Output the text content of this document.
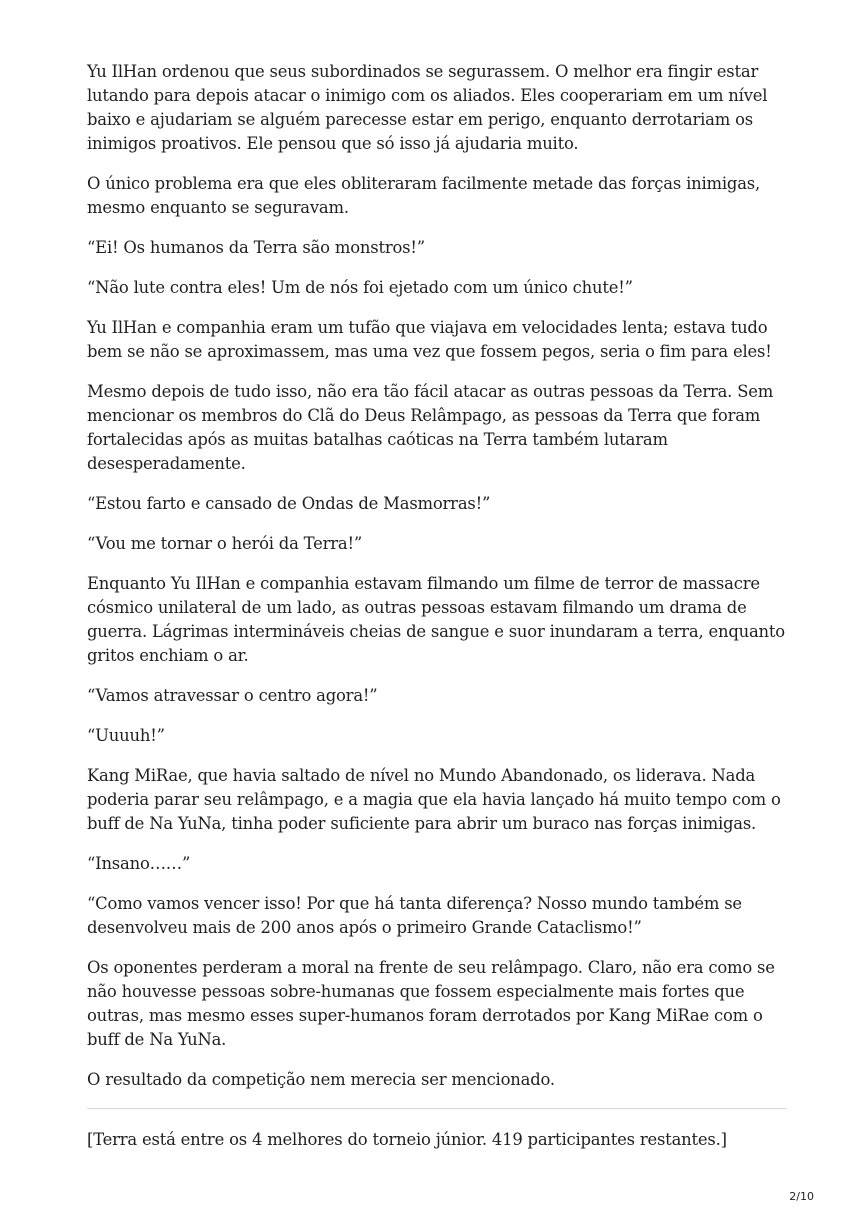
Yu IlHan ordenou que seus subordinados se segurassem. O melhor era fingir estar lutando para depois atacar o inimigo com os aliados. Eles cooperariam em um nível baixo e ajudariam se alguém parecesse estar em perigo, enquanto derrotariam os inimigos proativos. Ele pensou que só isso já ajudaria muito.

O único problema era que eles obliteraram facilmente metade das forças inimigas, mesmo enquanto se seguravam.

“Ei! Os humanos da Terra são monstros!”

“Não lute contra eles! Um de nós foi ejetado com um único chute!”

Yu IlHan e companhia eram um tufão que viajava em velocidades lenta; estava tudo bem se não se aproximassem, mas uma vez que fossem pegos, seria o fim para eles!

Mesmo depois de tudo isso, não era tão fácil atacar as outras pessoas da Terra. Sem mencionar os membros do Clã do Deus Relâmpago, as pessoas da Terra que foram fortalecidas após as muitas batalhas caóticas na Terra também lutaram desesperadamente.

“Estou farto e cansado de Ondas de Masmorras!”

“Vou me tornar o herói da Terra!”

Enquanto Yu IlHan e companhia estavam filmando um filme de terror de massacre cósmico unilateral de um lado, as outras pessoas estavam filmando um drama de guerra. Lágrimas intermináveis cheias de sangue e suor inundaram a terra, enquanto gritos enchiam o ar.

“Vamos atravessar o centro agora!”

“Uuuuh!”

Kang MiRae, que havia saltado de nível no Mundo Abandonado, os liderava. Nada poderia parar seu relâmpago, e a magia que ela havia lançado há muito tempo com o buff de Na YuNa, tinha poder suficiente para abrir um buraco nas forças inimigas.

“Insano……”

“Como vamos vencer isso! Por que há tanta diferença? Nosso mundo também se desenvolveu mais de 200 anos após o primeiro Grande Cataclismo!”

Os oponentes perderam a moral na frente de seu relâmpago. Claro, não era como se não houvesse pessoas sobre-humanas que fossem especialmente mais fortes que outras, mas mesmo esses super-humanos foram derrotados por Kang MiRae com o buff de Na YuNa.

O resultado da competição nem merecia ser mencionado.

[Terra está entre os 4 melhores do torneio júnior. 419 participantes restantes.]

2/10
